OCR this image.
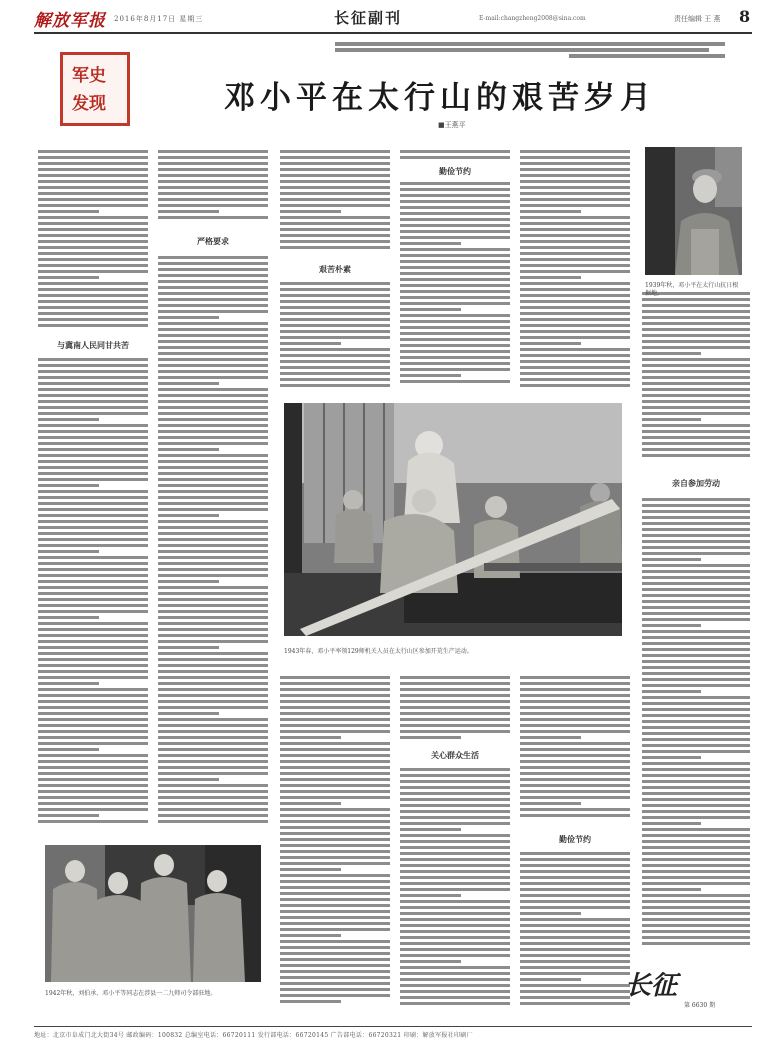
解放军报 2016年8月17日 星期三	长征副刊	E-mail:changzheng2008@sina.com	责任编辑 王 燕 8
军史
发现	邓小平在太行山的艰苦岁月
■王燕平
与冀南人民同甘共苦
严格要求
艰苦朴素
勤俭节约
亲自参加劳动
关心群众生活
勤俭节约
1939年秋，邓小平在太行山抗日根据地。
1943年春，邓小平率领129师机关人员在太行山区参加开荒生产运动。
1942年秋，刘伯承、邓小平等同志在涉县一二九师司令部驻地。	长征
第 6630 期
地址：北京市阜成门北大街34号 邮政编码：100832 总编室电话：66720111 发行部电话：66720145 广告部电话：66720321 印刷：解放军报社印刷厂
